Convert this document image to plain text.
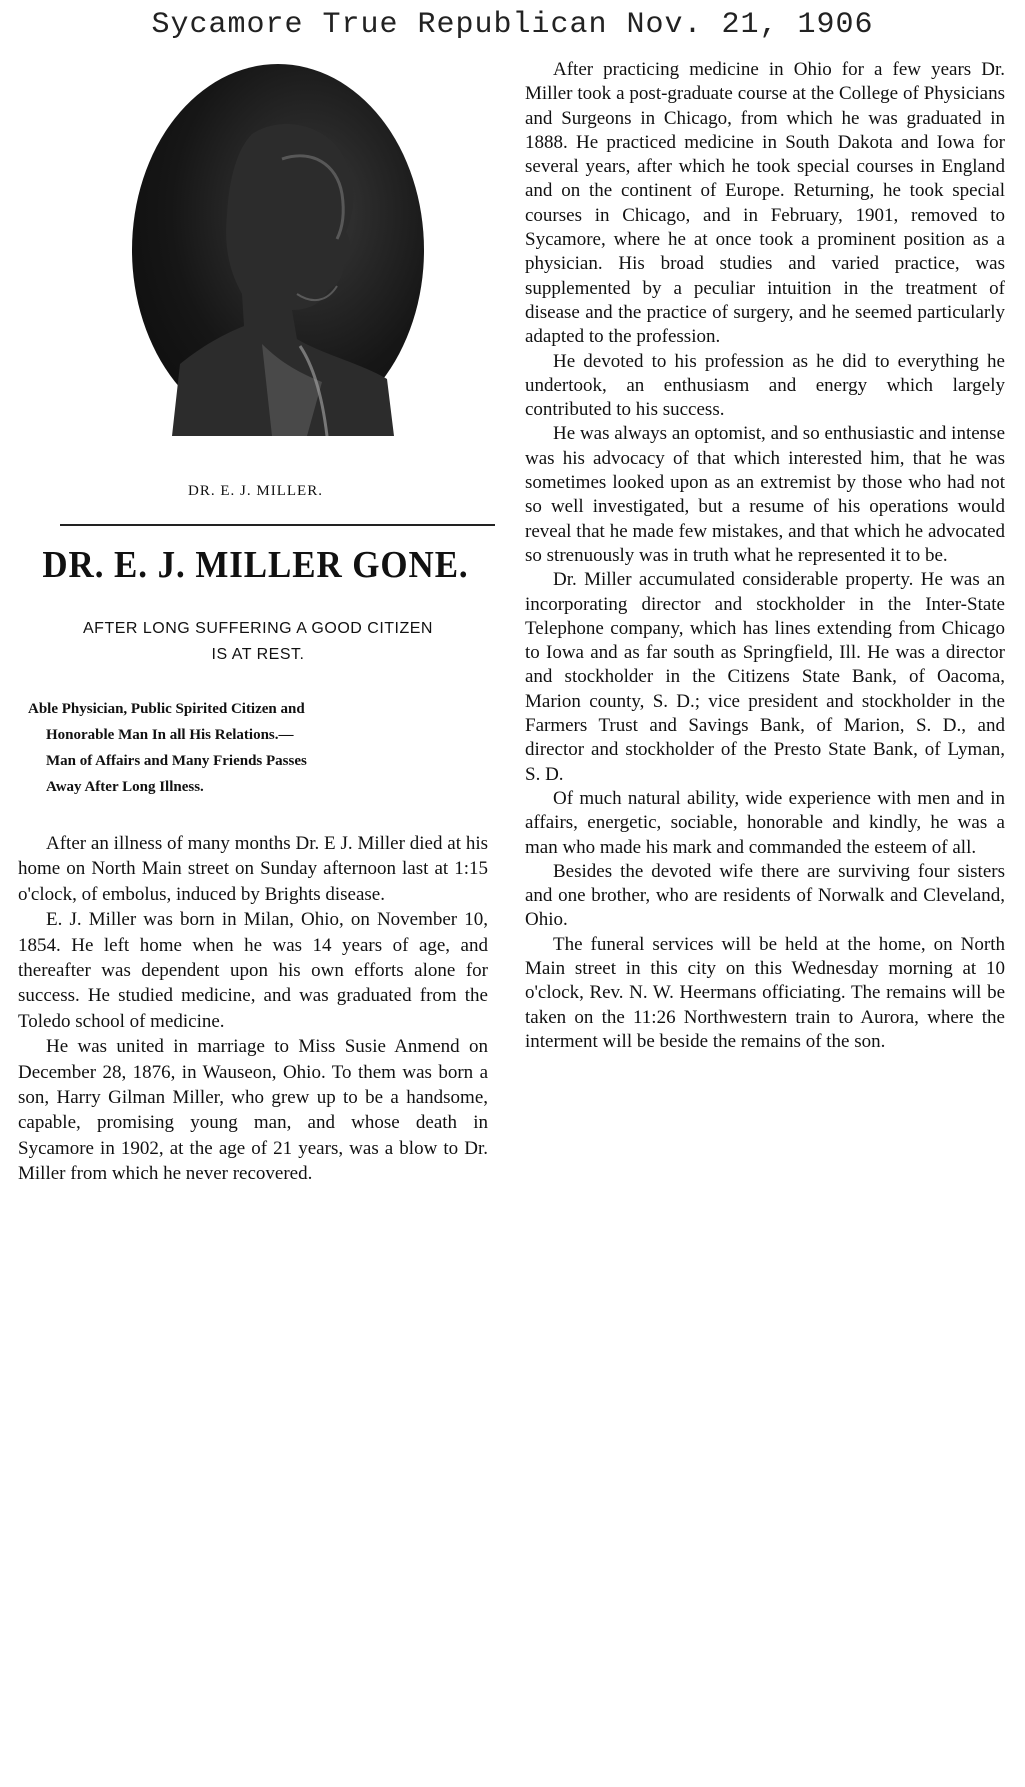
Sycamore True Republican Nov. 21, 1906
DR. E. J. MILLER.
DR. E. J. MILLER GONE.
AFTER LONG SUFFERING A GOOD CITIZEN
IS AT REST.
Able Physician, Public Spirited Citizen and
Honorable Man In all His Relations.—
Man of Affairs and Many Friends Passes
Away After Long Illness.

After an illness of many months Dr. E J. Miller died at his home on North Main street on Sunday afternoon last at 1:15 o'clock, of embolus, induced by Brights disease.

E. J. Miller was born in Milan, Ohio, on November 10, 1854. He left home when he was 14 years of age, and thereafter was dependent upon his own efforts alone for success. He studied medicine, and was graduated from the Toledo school of medicine.

He was united in marriage to Miss Susie Anmend on December 28, 1876, in Wauseon, Ohio. To them was born a son, Harry Gilman Miller, who grew up to be a handsome, capable, promising young man, and whose death in Sycamore in 1902, at the age of 21 years, was a blow to Dr. Miller from which he never recovered.

After practicing medicine in Ohio for a few years Dr. Miller took a post-graduate course at the College of Physicians and Surgeons in Chicago, from which he was graduated in 1888. He practiced medicine in South Dakota and Iowa for several years, after which he took special courses in England and on the continent of Europe. Returning, he took special courses in Chicago, and in February, 1901, removed to Sycamore, where he at once took a prominent position as a physician. His broad studies and varied practice, was supplemented by a peculiar intuition in the treatment of disease and the practice of surgery, and he seemed particularly adapted to the profession.

He devoted to his profession as he did to everything he undertook, an enthusiasm and energy which largely contributed to his success.

He was always an optomist, and so enthusiastic and intense was his advocacy of that which interested him, that he was sometimes looked upon as an extremist by those who had not so well investigated, but a resume of his operations would reveal that he made few mistakes, and that which he advocated so strenuously was in truth what he represented it to be.

Dr. Miller accumulated considerable property. He was an incorporating director and stockholder in the Inter-State Telephone company, which has lines extending from Chicago to Iowa and as far south as Springfield, Ill. He was a director and stockholder in the Citizens State Bank, of Oacoma, Marion county, S. D.; vice president and stockholder in the Farmers Trust and Savings Bank, of Marion, S. D., and director and stockholder of the Presto State Bank, of Lyman, S. D.

Of much natural ability, wide experience with men and in affairs, energetic, sociable, honorable and kindly, he was a man who made his mark and commanded the esteem of all.

Besides the devoted wife there are surviving four sisters and one brother, who are residents of Norwalk and Cleveland, Ohio.

The funeral services will be held at the home, on North Main street in this city on this Wednesday morning at 10 o'clock, Rev. N. W. Heermans officiating. The remains will be taken on the 11:26 Northwestern train to Aurora, where the interment will be beside the remains of the son.
